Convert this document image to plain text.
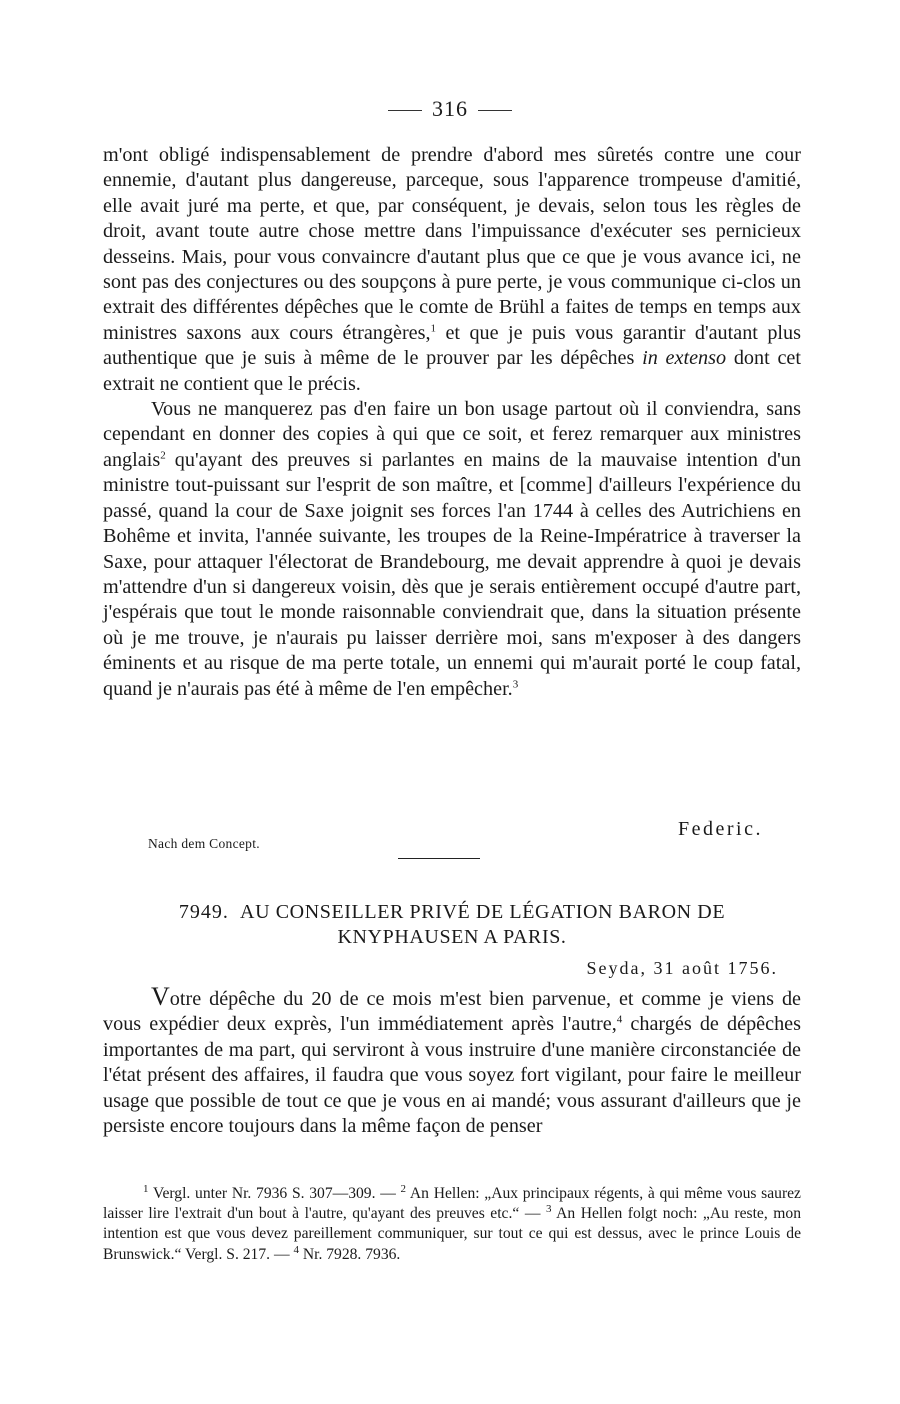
316

m'ont obligé indispensablement de prendre d'abord mes sûretés contre une cour ennemie, d'autant plus dangereuse, parceque, sous l'apparence trompeuse d'amitié, elle avait juré ma perte, et que, par conséquent, je devais, selon tous les règles de droit, avant toute autre chose mettre dans l'impuissance d'exécuter ses pernicieux desseins. Mais, pour vous convaincre d'autant plus que ce que je vous avance ici, ne sont pas des conjectures ou des soupçons à pure perte, je vous communique ci-clos un extrait des différentes dépêches que le comte de Brühl a faites de temps en temps aux ministres saxons aux cours étrangères,$^1$ et que je puis vous garantir d'autant plus authentique que je suis à même de le prouver par les dépêches in extenso dont cet extrait ne contient que le précis.

Vous ne manquerez pas d'en faire un bon usage partout où il conviendra, sans cependant en donner des copies à qui que ce soit, et ferez remarquer aux ministres anglais$^2$ qu'ayant des preuves si parlantes en mains de la mauvaise intention d'un ministre tout-puissant sur l'esprit de son maître, et [comme] d'ailleurs l'expérience du passé, quand la cour de Saxe joignit ses forces l'an 1744 à celles des Autrichiens en Bohême et invita, l'année suivante, les troupes de la Reine-Impératrice à traverser la Saxe, pour attaquer l'électorat de Brandebourg, me devait apprendre à quoi je devais m'attendre d'un si dangereux voisin, dès que je serais entièrement occupé d'autre part, j'espérais que tout le monde raisonnable conviendrait que, dans la situation présente où je me trouve, je n'aurais pu laisser derrière moi, sans m'exposer à des dangers éminents et au risque de ma perte totale, un ennemi qui m'aurait porté le coup fatal, quand je n'aurais pas été à même de l'en empêcher.$^3$

Federic.
Nach dem Concept.
7949. AU CONSEILLER PRIVÉ DE LÉGATION BARON DE
KNYPHAUSEN A PARIS.
Seyda, 31 août 1756.

Votre dépêche du 20 de ce mois m'est bien parvenue, et comme je viens de vous expédier deux exprès, l'un immédiatement après l'autre,$^4$ chargés de dépêches importantes de ma part, qui serviront à vous instruire d'une manière circonstanciée de l'état présent des affaires, il faudra que vous soyez fort vigilant, pour faire le meilleur usage que possible de tout ce que je vous en ai mandé; vous assurant d'ailleurs que je persiste encore toujours dans la même façon de penser

$^1$ Vergl. unter Nr. 7936 S. 307—309. — $^2$ An Hellen: „Aux principaux régents, à qui même vous saurez laisser lire l'extrait d'un bout à l'autre, qu'ayant des preuves etc.“ — $^3$ An Hellen folgt noch: „Au reste, mon intention est que vous devez pareillement communiquer, sur tout ce qui est dessus, avec le prince Louis de Brunswick.“ Vergl. S. 217. — $^4$ Nr. 7928. 7936.
